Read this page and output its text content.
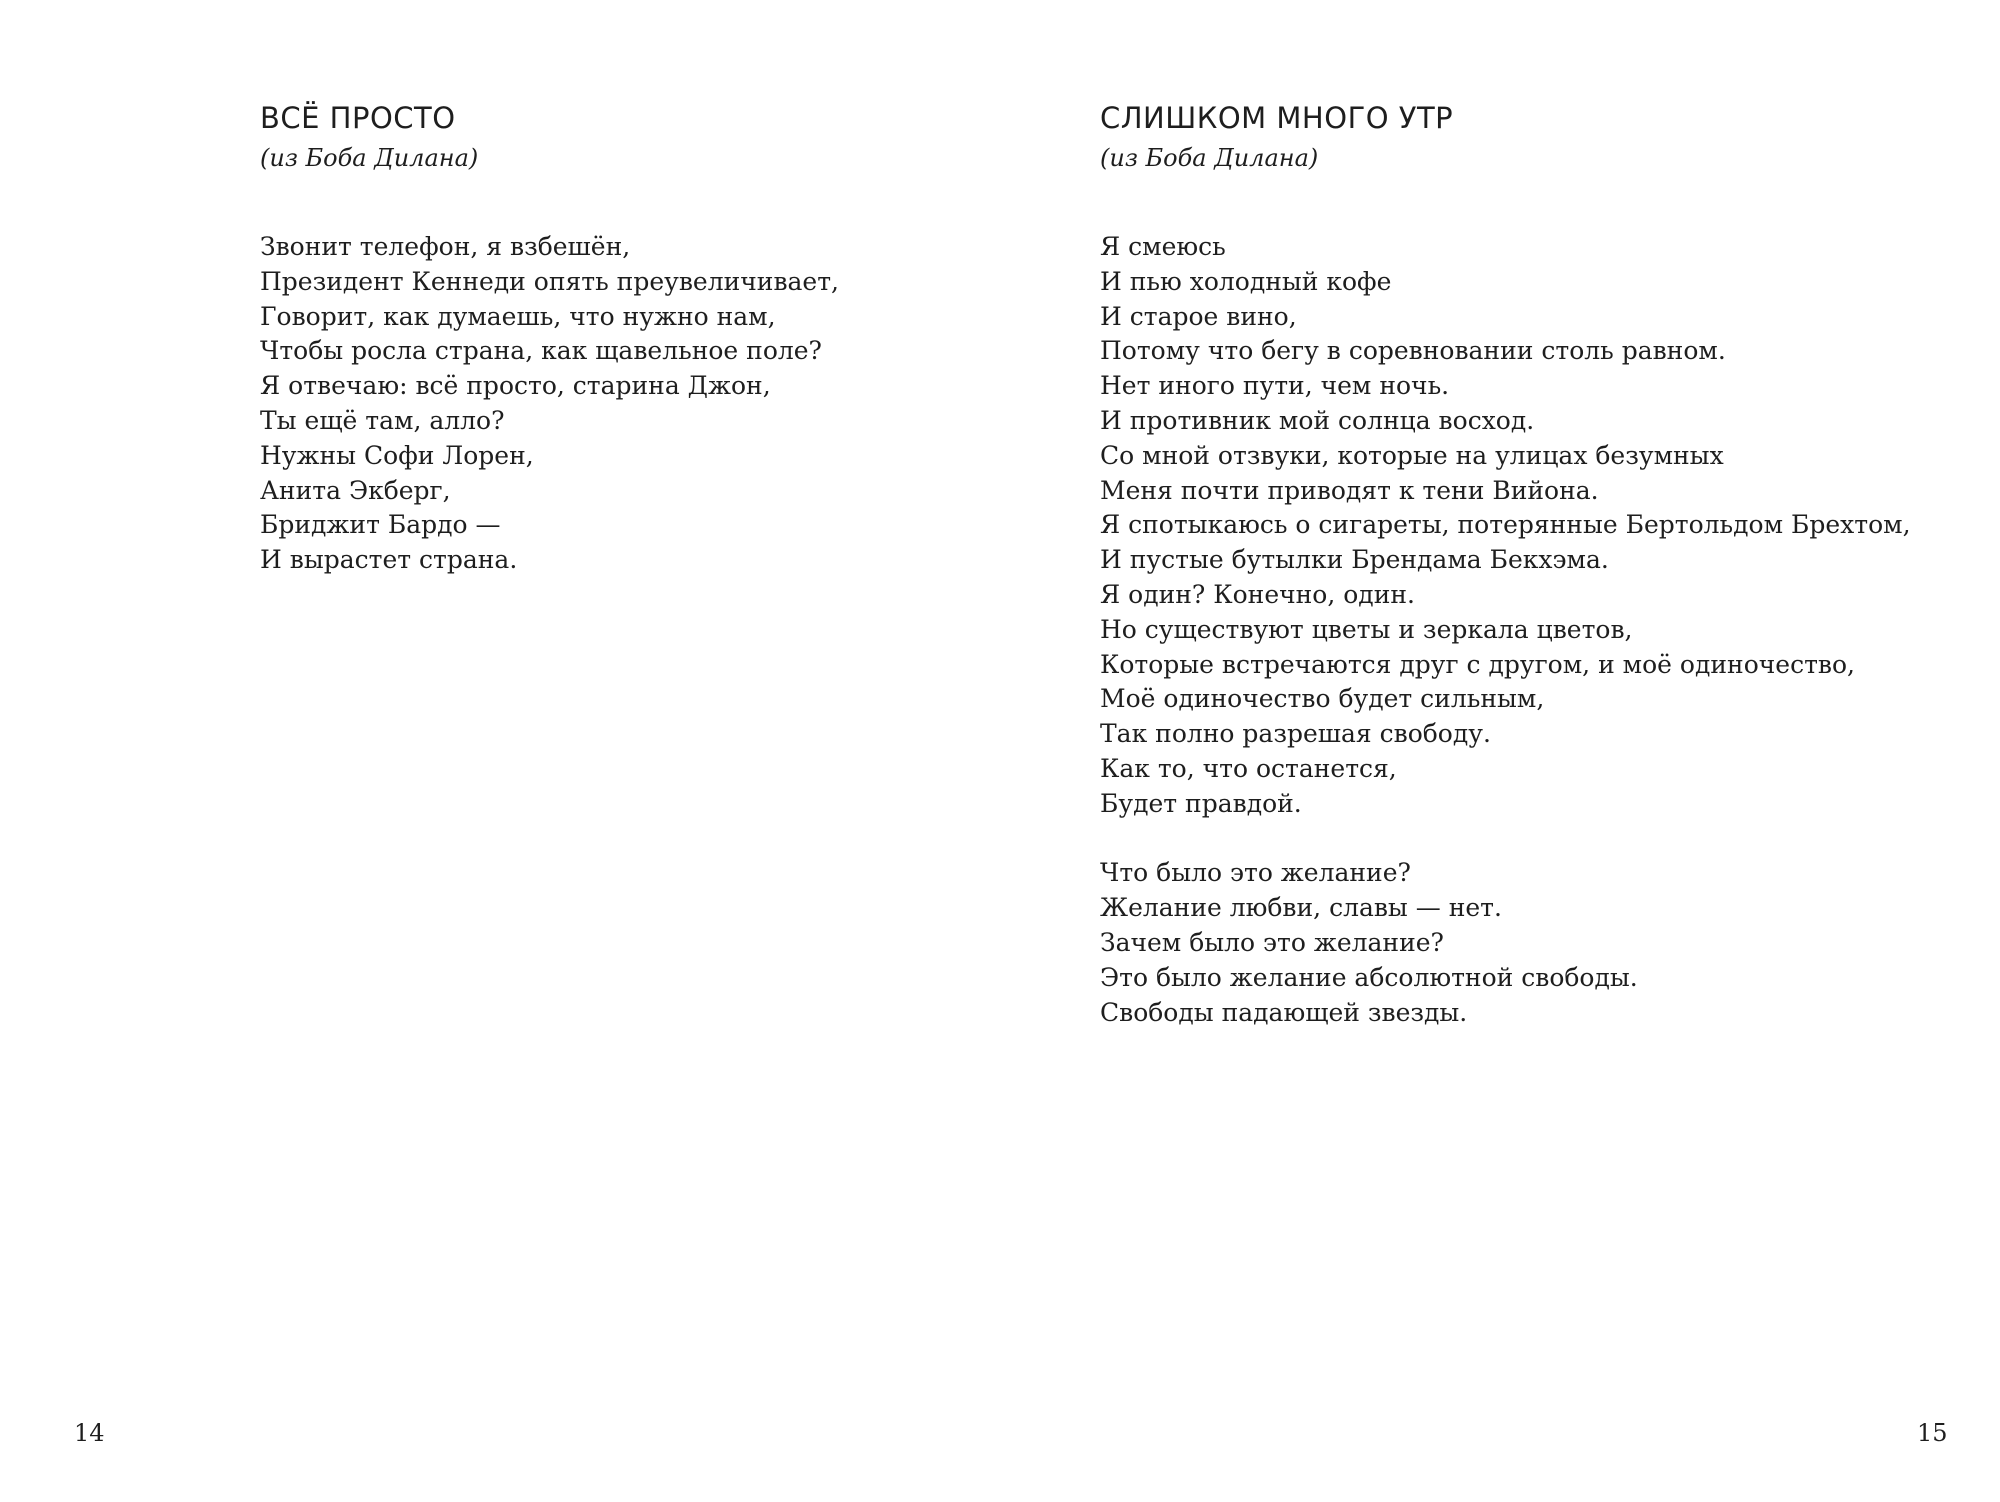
ВСЁ ПРОСТО
(из Боба Дилана)
Звонит телефон, я взбешён,
Президент Кеннеди опять преувеличивает,
Говорит, как думаешь, что нужно нам,
Чтобы росла страна, как щавельное поле?
Я отвечаю: всё просто, старина Джон,
Ты ещё там, алло?
Нужны Софи Лорен,
Анита Экберг,
Бриджит Бардо —
И вырастет страна.
14
СЛИШКОМ МНОГО УТР
(из Боба Дилана)
Я смеюсь
И пью холодный кофе
И старое вино,
Потому что бегу в соревновании столь равном.
Нет иного пути, чем ночь.
И противник мой солнца восход.
Со мной отзвуки, которые на улицах безумных
Меня почти приводят к тени Вийона.
Я спотыкаюсь о сигареты, потерянные Бертольдом Брехтом,
И пустые бутылки Брендама Бекхэма.
Я один? Конечно, один.
Но существуют цветы и зеркала цветов,
Которые встречаются друг с другом, и моё одиночество,
Моё одиночество будет сильным,
Так полно разрешая свободу.
Как то, что останется,
Будет правдой.
Что было это желание?
Желание любви, славы — нет.
Зачем было это желание?
Это было желание абсолютной свободы.
Свободы падающей звезды.
15
